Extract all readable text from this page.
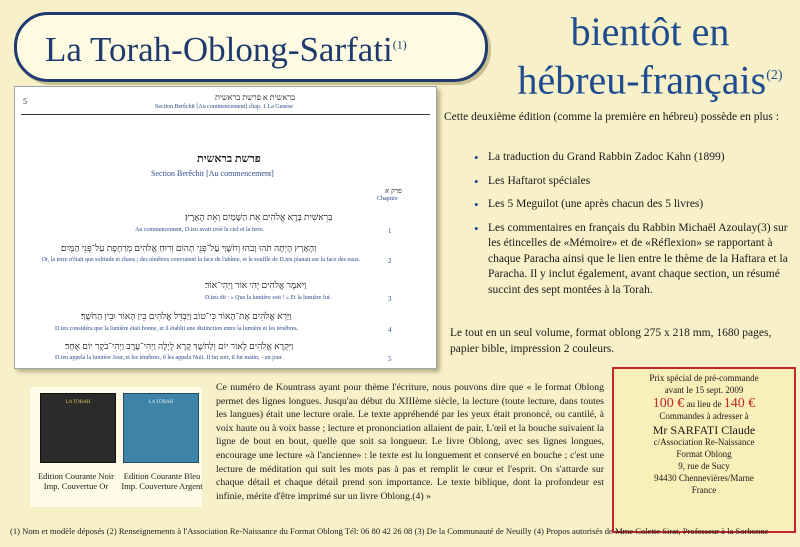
La Torah-Oblong-Sarfati$^{(1)}$	bientôt en
hébreu-français$^{(2)}$
5	בראשית א פרשת בראשית
Section Berêchit [Au commencement] chap. 1 La Genèse
פרשת בראשית
Section Berêchit [Au commencement]
פרק א
Chapitre
בְּרֵאשִׁית בָּרָא אֱלֹהִים אֵת הַשָּׁמַיִם וְאֵת הָאָרֶץ׃
Au commencement, D.ieu avait créé le ciel et la terre.	1
וְהָאָרֶץ הָיְתָה תֹהוּ וָבֹהוּ וְחֹשֶׁךְ עַל־פְּנֵי תְהוֹם וְרוּחַ אֱלֹהִים מְרַחֶפֶת עַל־פְּנֵי הַמָּיִם׃
Or, la terre n'était que solitude et chaos ; des ténèbres couvraient la face de l'abîme, et le souffle de D.ieu planait sur la face des eaux.	2
וַיֹּאמֶר אֱלֹהִים יְהִי אוֹר וַיְהִי־אוֹר׃
D.ieu dit : « Que la lumière soit ! » Et la lumière fut.	3
וַיַּרְא אֱלֹהִים אֶת־הָאוֹר כִּי־טוֹב וַיַּבְדֵּל אֱלֹהִים בֵּין הָאוֹר וּבֵין הַחֹשֶׁךְ׃
D.ieu considéra que la lumière était bonne, et il établit une distinction entre la lumière et les ténèbres.	4
וַיִּקְרָא אֱלֹהִים לָאוֹר יוֹם וְלַחֹשֶׁךְ קָרָא לָיְלָה וַיְהִי־עֶרֶב וַיְהִי־בֹקֶר יוֹם אֶחָד׃
D.ieu appela la lumière Jour, et les ténèbres, il les appela Nuit. Il fut soir, il fut matin, - un jour.	5

Cette deuxième édition (comme la première en hébreu) possède en plus :

• La traduction du Grand Rabbin Zadoc Kahn (1899)
• Les Haftarot spéciales
• Les 5 Meguilot (une après chacun des 5 livres)
• Les commentaires en français du Rabbin Michaël Azoulay(3) sur les étincelles de «Mémoire» et de «Réflexion» se rapportant à chaque Paracha ainsi que le lien entre le thème de la Haftara et la Paracha. Il y inclut également, avant chaque section, un résumé succint des sept montées à la Torah.
Le tout en un seul volume, format oblong 275 x 218 mm, 1680 pages, papier bible, impression 2 couleurs.
LA TORAH	LA TORAH
Edition Courante Noir Imp. Couvertue Or
Edition Courante Bleu Imp. Couverture Argent
Ce numéro de Kountrass ayant pour thème l'écriture, nous pouvons dire que « le format Oblong permet des lignes longues. Jusqu'au début du XIIIème siècle, la lecture (toute lecture, dans toutes les langues) était une lecture orale. Le texte appréhendé par les yeux était prononcé, ou cantilé, à voix haute ou à voix basse ; lecture et prononciation allaient de pair. L'œil et la bouche suivaient la ligne de bout en bout, quelle que soit sa longueur. Le livre Oblong, avec ses lignes longues, encourage une lecture «à l'ancienne» : le texte est lu longuement et conservé en bouche ; c'est une lecture de méditation qui suit les mots pas à pas et remplit le cœur et l'esprit. On s'attarde sur chaque détail et chaque détail prend son importance. Le texte biblique, dont la profondeur est infinie, mérite d'être imprimé sur un livre Oblong.(4) »
Prix spécial de pré-commande
avant le 15 sept. 2009
100 € au lieu de 140 €
Commandes à adresser à
Mr SARFATI Claude
c/Association Re-Naissance
Format Oblong
9, rue de Sucy
94430 Chennevières/Marne
France
(1) Nom et modèle déposés (2) Renseignements à l'Association Re-Naissance du Format Oblong Tél: 06 80 42 26 08 (3) De la Communauté de Neuilly (4) Propos autorisés de Mme Colette Sirat, Professeur à la Sorbonne
